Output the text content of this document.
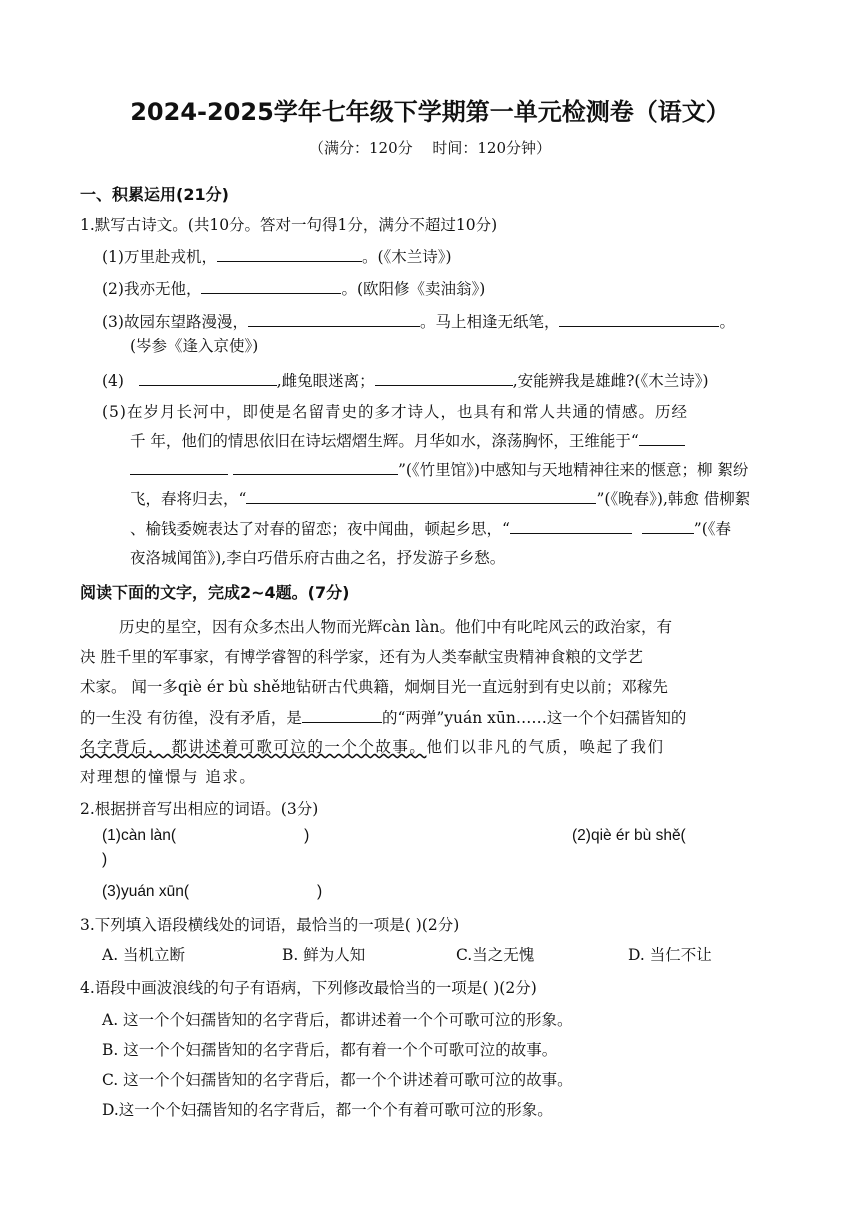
2024-2025学年七年级下学期第一单元检测卷（语文）
（满分：120分　 时间：120分钟）
一、积累运用(21分)
1.默写古诗文。(共10分。答对一句得1分，满分不超过10分)
(1)万里赴戎机，	。(《木兰诗》)
(2)我亦无他，	。(欧阳修《卖油翁》)
(3)故园东望路漫漫，	。马上相逢无纸笔，	。
(岑参《逢入京使》)
(4)	,雌兔眼迷离；	,安能辨我是雄雌?(《木兰诗》)
(5)在岁月长河中，即使是名留青史的多才诗人，也具有和常人共通的情感。历经
千 年，他们的情思依旧在诗坛熠熠生辉。月华如水，涤荡胸怀，王维能于“
”(《竹里馆》)中感知与天地精神往来的惬意；柳 絮纷
飞，春将归去，“	”(《晚春》),韩愈 借柳絮
、榆钱委婉表达了对春的留恋；夜中闻曲，顿起乡思，“	”(《春
夜洛城闻笛》),李白巧借乐府古曲之名，抒发游子乡愁。
阅读下面的文字，完成2~4题。(7分)
历史的星空，因有众多杰出人物而光辉càn làn。他们中有叱咤风云的政治家，有
决 胜千里的军事家，有博学睿智的科学家，还有为人类奉献宝贵精神食粮的文学艺
术家。 闻一多qiè ér bù shě地钻研古代典籍，炯炯目光一直远射到有史以前；邓稼先
的一生没 有彷徨，没有矛盾，是	的“两弹”yuán xūn……这一个个妇孺皆知的
名字背后， 都讲述着可歌可泣的一个个故事。他们以非凡的气质，唤起了我们
对理想的憧憬与 追求。
2.根据拼音写出相应的词语。(3分)
(1)càn làn(	)	(2)qiè ér bù shě(
)
(3)yuán xūn(	)
3.下列填入语段横线处的词语，最恰当的一项是( )(2分)
A. 当机立断	B. 鲜为人知	C.当之无愧	D. 当仁不让
4.语段中画波浪线的句子有语病，下列修改最恰当的一项是( )(2分)
A. 这一个个妇孺皆知的名字背后，都讲述着一个个可歌可泣的形象。
B. 这一个个妇孺皆知的名字背后，都有着一个个可歌可泣的故事。
C. 这一个个妇孺皆知的名字背后，都一个个讲述着可歌可泣的故事。
D.这一个个妇孺皆知的名字背后，都一个个有着可歌可泣的形象。
